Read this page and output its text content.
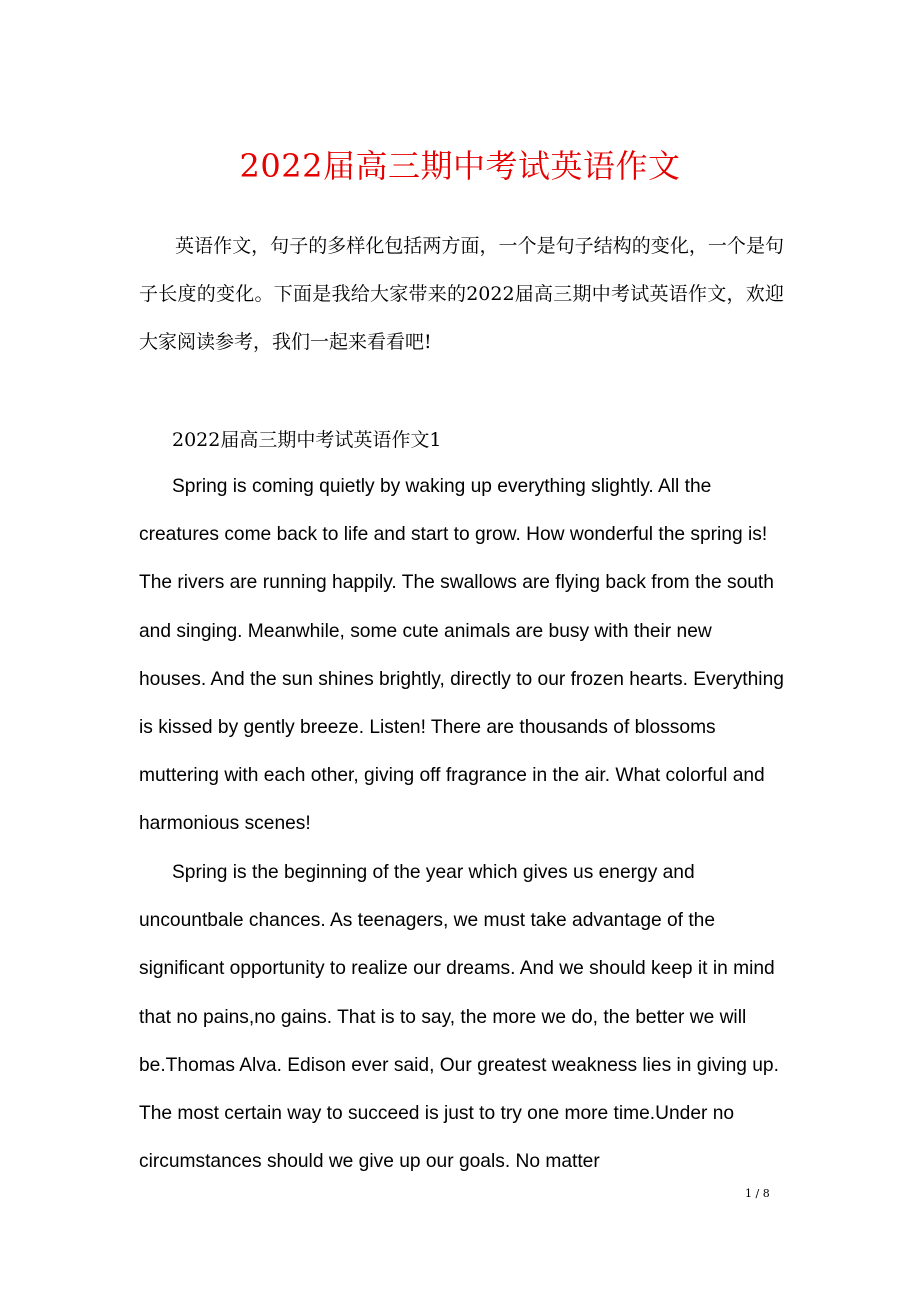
2022届高三期中考试英语作文

英语作文，句子的多样化包括两方面，一个是句子结构的变化，一个是句子长度的变化。下面是我给大家带来的2022届高三期中考试英语作文，欢迎大家阅读参考，我们一起来看看吧!

2022届高三期中考试英语作文1

Spring is coming quietly by waking up everything slightly. All the creatures come back to life and start to grow. How wonderful the spring is! The rivers are running happily. The swallows are flying back from the south and singing. Meanwhile, some cute animals are busy with their new houses. And the sun shines brightly, directly to our frozen hearts. Everything is kissed by gently breeze. Listen! There are thousands of blossoms muttering with each other, giving off fragrance in the air. What colorful and harmonious scenes!

Spring is the beginning of the year which gives us energy and uncountbale chances. As teenagers, we must take advantage of the significant opportunity to realize our dreams. And we should keep it in mind that no pains,no gains. That is to say, the more we do, the better we will be.Thomas Alva. Edison ever said, Our greatest weakness lies in giving up. The most certain way to succeed is just to try one more time.Under no circumstances should we give up our goals. No matter

1 / 8
